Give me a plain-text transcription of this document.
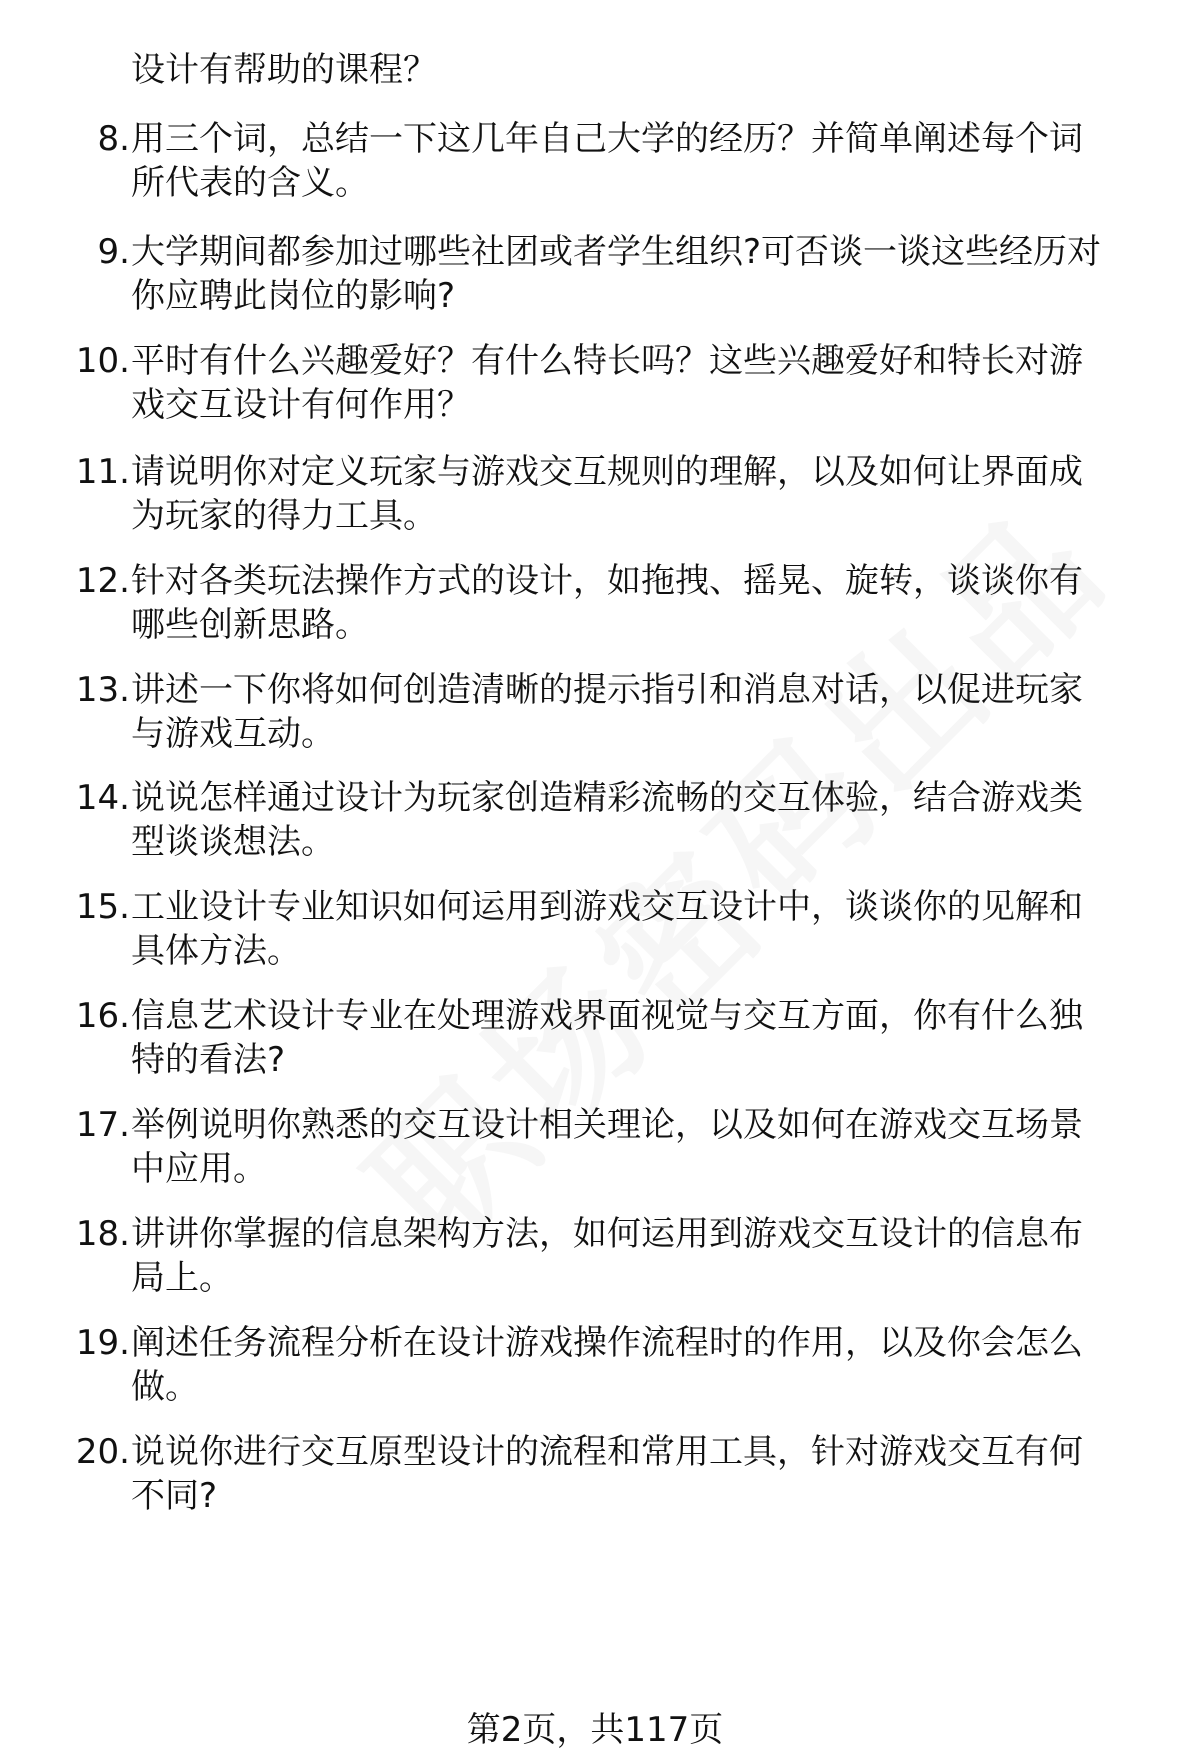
设计有帮助的课程？
8. 用三个词，总结一下这几年自己大学的经历？并简单阐述每个词
所代表的含义。
9. 大学期间都参加过哪些社团或者学生组织?可否谈一谈这些经历对
你应聘此岗位的影响?
10. 平时有什么兴趣爱好？有什么特长吗？这些兴趣爱好和特长对游
戏交互设计有何作用？
11. 请说明你对定义玩家与游戏交互规则的理解，以及如何让界面成
为玩家的得力工具。
12. 针对各类玩法操作方式的设计，如拖拽、摇晃、旋转，谈谈你有
哪些创新思路。
13. 讲述一下你将如何创造清晰的提示指引和消息对话，以促进玩家
与游戏互动。
14. 说说怎样通过设计为玩家创造精彩流畅的交互体验，结合游戏类
型谈谈想法。
15. 工业设计专业知识如何运用到游戏交互设计中，谈谈你的见解和
具体方法。
16. 信息艺术设计专业在处理游戏界面视觉与交互方面，你有什么独
特的看法?
17. 举例说明你熟悉的交互设计相关理论，以及如何在游戏交互场景
中应用。
18. 讲讲你掌握的信息架构方法，如何运用到游戏交互设计的信息布
局上。
19. 阐述任务流程分析在设计游戏操作流程时的作用，以及你会怎么
做。
20. 说说你进行交互原型设计的流程和常用工具，针对游戏交互有何
不同?
第2页，共117页
